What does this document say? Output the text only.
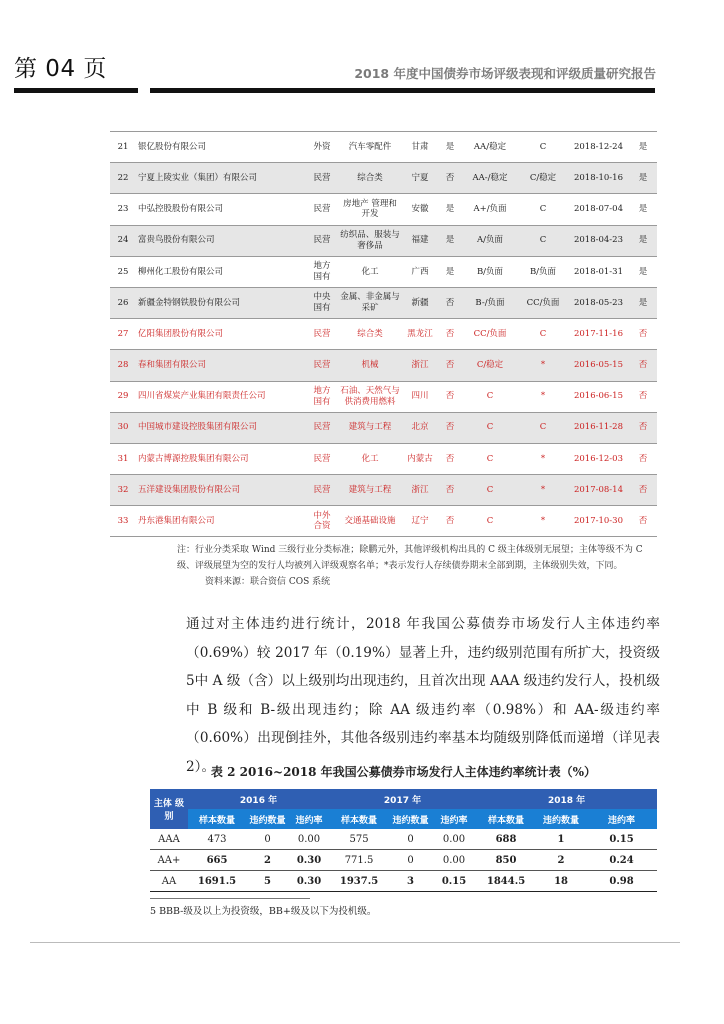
第 04 页	2018 年度中国债券市场评级表现和评级质量研究报告
21	银亿股份有限公司	外资	汽车零配件	甘肃	是	AA/稳定	C	2018-12-24	是
22	宁夏上陵实业（集团）有限公司	民营	综合类	宁夏	否	AA-/稳定	C/稳定	2018-10-16	是
23	中弘控股股份有限公司	民营	房地产 管理和开发	安徽	是	A+/负面	C	2018-07-04	是
24	富贵鸟股份有限公司	民营	纺织品、服装与 奢侈品	福建	是	A/负面	C	2018-04-23	是
25	柳州化工股份有限公司	地方 国有	化工	广西	是	B/负面	B/负面	2018-01-31	是
26	新疆金特钢铁股份有限公司	中央 国有	金属、非金属与 采矿	新疆	否	B-/负面	CC/负面	2018-05-23	是
27	亿阳集团股份有限公司	民营	综合类	黑龙江	否	CC/负面	C	2017-11-16	否
28	春和集团有限公司	民营	机械	浙江	否	C/稳定	*	2016-05-15	否
29	四川省煤炭产业集团有限责任公司	地方 国有	石油、天然气与 供消费用燃料	四川	否	C	*	2016-06-15	否
30	中国城市建设控股集团有限公司	民营	建筑与工程	北京	否	C	C	2016-11-28	否
31	内蒙古博源控股集团有限公司	民营	化工	内蒙古	否	C	*	2016-12-03	否
32	五洋建设集团股份有限公司	民营	建筑与工程	浙江	否	C	*	2017-08-14	否
33	丹东港集团有限公司	中外 合资	交通基础设施	辽宁	否	C	*	2017-10-30	否
注：行业分类采取 Wind 三级行业分类标准；除鹏元外，其他评级机构出具的 C 级主体级别无展望；主体等级不为 C 级、评级展望为空的发行人均被列入评级观察名单；*表示发行人存续债券期末全部到期，主体级别失效，下同。
资料来源：联合资信 COS 系统
通过对主体违约进行统计，2018 年我国公募债券市场发行人主体违约率（0.69%）较 2017 年（0.19%）显著上升，违约级别范围有所扩大，投资级5中 A 级（含）以上级别均出现违约，且首次出现 AAA 级违约发行人，投机级中 B 级和 B-级出现违约；除 AA 级违约率（0.98%）和 AA-级违约率（0.60%）出现倒挂外，其他各级别违约率基本均随级别降低而递增（详见表 2）。
表 2 2016~2018 年我国公募债券市场发行人主体违约率统计表（%）
主体 级别	2016 年			2017 年			2018 年		
	样本数量	违约数量	违约率	样本数量	违约数量	违约率	样本数量	违约数量	违约率
AAA	473	0	0.00	575	0	0.00	688	1	0.15
AA+	665	2	0.30	771.5	0	0.00	850	2	0.24
AA	1691.5	5	0.30	1937.5	3	0.15	1844.5	18	0.98
5 BBB-级及以上为投资级，BB+级及以下为投机级。
